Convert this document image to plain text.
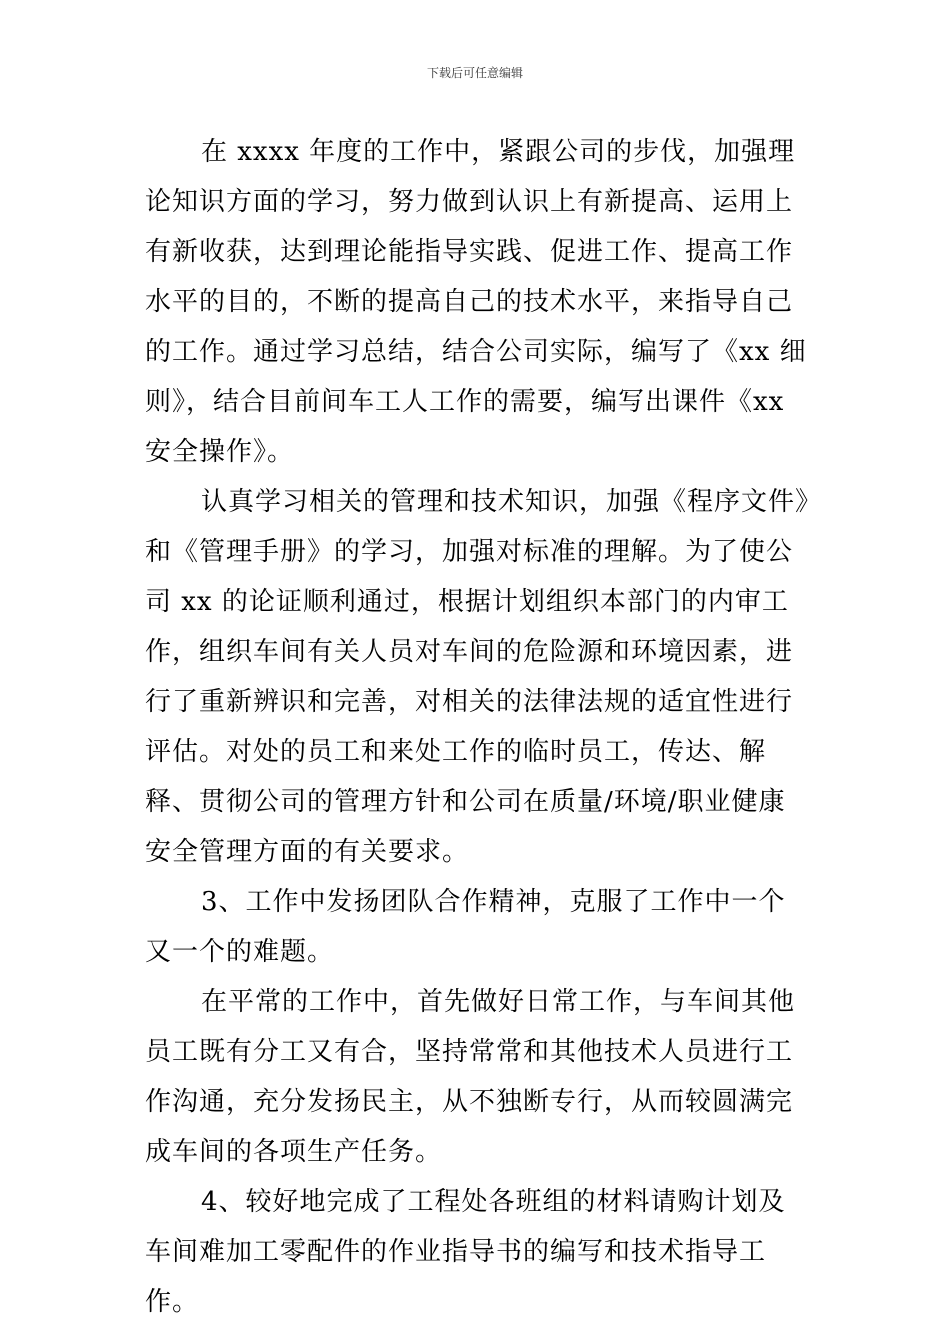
下载后可任意编辑

在 xxxx 年度的工作中，紧跟公司的步伐，加强理论知识方面的学习，努力做到认识上有新提高、运用上有新收获，达到理论能指导实践、促进工作、提高工作水平的目的，不断的提高自己的技术水平，来指导自己的工作。通过学习总结，结合公司实际，编写了《xx 细则》，结合目前间车工人工作的需要，编写出课件《xx 安全操作》。

认真学习相关的管理和技术知识，加强《程序文件》和《管理手册》的学习，加强对标准的理解。为了使公司 xx 的论证顺利通过，根据计划组织本部门的内审工作，组织车间有关人员对车间的危险源和环境因素，进行了重新辨识和完善，对相关的法律法规的适宜性进行评估。对处的员工和来处工作的临时员工，传达、解释、贯彻公司的管理方针和公司在质量/环境/职业健康安全管理方面的有关要求。

3、工作中发扬团队合作精神，克服了工作中一个又一个的难题。

在平常的工作中，首先做好日常工作，与车间其他员工既有分工又有合，坚持常常和其他技术人员进行工作沟通，充分发扬民主，从不独断专行，从而较圆满完成车间的各项生产任务。

4、较好地完成了工程处各班组的材料请购计划及车间难加工零配件的作业指导书的编写和技术指导工作。
